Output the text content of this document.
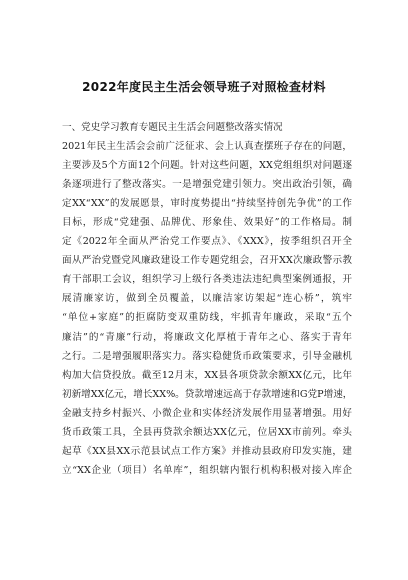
2022年度民主生活会领导班子对照检查材料
一、党史学习教育专题民主生活会问题整改落实情况
2021年民主生活会会前广泛征求、会上认真查摆班子存在的问题，
主要涉及5个方面12个问题。针对这些问题，XX党组组织对问题逐
条逐项进行了整改落实。一是增强党建引领力。突出政治引领，确
定XX“XX”的发展愿景，审时度势提出“持续坚持创先争优”的工作
目标，形成“党建强、品牌优、形象佳、效果好”的工作格局。制
定《2022年全面从严治党工作要点》、《XXX》，按季组织召开全
面从严治党暨党风廉政建设工作专题党组会，召开XX次廉政警示教
育干部职工会议，组织学习上级行各类违法违纪典型案例通报，开
展清廉家访，做到全员覆盖，以廉洁家访架起“连心桥”，筑牢
“单位+家庭”的拒腐防变双重防线，牢抓青年廉政，采取“五个
廉洁”的“青廉”行动，将廉政文化厚植于青年之心、落实于青年
之行。二是增强履职落实力。落实稳健货币政策要求，引导金融机
构加大信贷投放。截至12月末，XX县各项贷款余额XX亿元，比年
初新增XX亿元，增长XX%。贷款增速远高于存款增速和G党P增速，
金融支持乡村振兴、小微企业和实体经济发展作用显著增强。用好
货币政策工具，全县再贷款余额达XX亿元，位居XX市前列。牵头
起草《XX县XX示范县试点工作方案》并推动县政府印发实施，建
立“XX企业（项目）名单库”，组织辖内银行机构积极对接入库企
